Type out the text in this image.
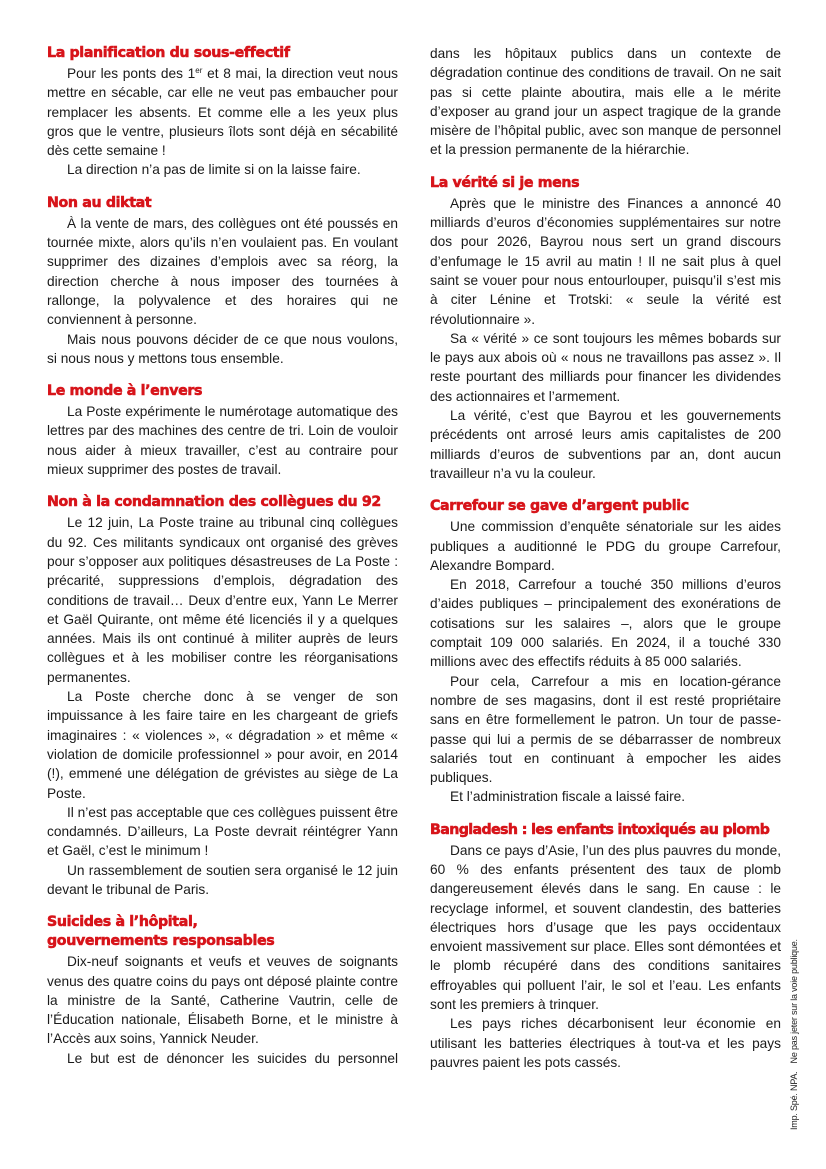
La planification du sous-effectif

Pour les ponts des 1er et 8 mai, la direction veut nous mettre en sécable, car elle ne veut pas embaucher pour remplacer les absents. Et comme elle a les yeux plus gros que le ventre, plusieurs îlots sont déjà en sécabilité dès cette semaine !

La direction n’a pas de limite si on la laisse faire.

Non au diktat

À la vente de mars, des collègues ont été poussés en tournée mixte, alors qu’ils n’en voulaient pas. En voulant supprimer des dizaines d’emplois avec sa réorg, la direction cherche à nous imposer des tournées à rallonge, la polyvalence et des horaires qui ne conviennent à personne.

Mais nous pouvons décider de ce que nous voulons, si nous nous y mettons tous ensemble.

Le monde à l’envers

La Poste expérimente le numérotage automatique des lettres par des machines des centre de tri. Loin de vouloir nous aider à mieux travailler, c’est au contraire pour mieux supprimer des postes de travail.

Non à la condamnation des collègues du 92

Le 12 juin, La Poste traine au tribunal cinq collègues du 92. Ces militants syndicaux ont organisé des grèves pour s’opposer aux politiques désastreuses de La Poste : précarité, suppressions d’emplois, dégradation des conditions de travail… Deux d’entre eux, Yann Le Merrer et Gaël Quirante, ont même été licenciés il y a quelques années. Mais ils ont continué à militer auprès de leurs collègues et à les mobiliser contre les réorganisations permanentes.

La Poste cherche donc à se venger de son impuissance à les faire taire en les chargeant de griefs imaginaires : « violences », « dégradation » et même « violation de domicile professionnel » pour avoir, en 2014 (!), emmené une délégation de grévistes au siège de La Poste.

Il n’est pas acceptable que ces collègues puissent être condamnés. D’ailleurs, La Poste devrait réintégrer Yann et Gaël, c’est le minimum !

Un rassemblement de soutien sera organisé le 12 juin devant le tribunal de Paris.

Suicides à l’hôpital,
gouvernements responsables

Dix-neuf soignants et veufs et veuves de soignants venus des quatre coins du pays ont déposé plainte contre la ministre de la Santé, Catherine Vautrin, celle de l’Éducation nationale, Élisabeth Borne, et le ministre à l’Accès aux soins, Yannick Neuder.

Le but est de dénoncer les suicides du personnel

dans les hôpitaux publics dans un contexte de dégradation continue des conditions de travail. On ne sait pas si cette plainte aboutira, mais elle a le mérite d’exposer au grand jour un aspect tragique de la grande misère de l’hôpital public, avec son manque de personnel et la pression permanente de la hiérarchie.

La vérité si je mens

Après que le ministre des Finances a annoncé 40 milliards d’euros d’économies supplémentaires sur notre dos pour 2026, Bayrou nous sert un grand discours d’enfumage le 15 avril au matin ! Il ne sait plus à quel saint se vouer pour nous entourlouper, puisqu’il s’est mis à citer Lénine et Trotski: « seule la vérité est révolutionnaire ».

Sa « vérité » ce sont toujours les mêmes bobards sur le pays aux abois où « nous ne travaillons pas assez ». Il reste pourtant des milliards pour financer les dividendes des actionnaires et l’armement.

La vérité, c’est que Bayrou et les gouvernements précédents ont arrosé leurs amis capitalistes de 200 milliards d’euros de subventions par an, dont aucun travailleur n’a vu la couleur.

Carrefour se gave d’argent public

Une commission d’enquête sénatoriale sur les aides publiques a auditionné le PDG du groupe Carrefour, Alexandre Bompard.

En 2018, Carrefour a touché 350 millions d’euros d’aides publiques – principalement des exonérations de cotisations sur les salaires –, alors que le groupe comptait 109 000 salariés. En 2024, il a touché 330 millions avec des effectifs réduits à 85 000 salariés.

Pour cela, Carrefour a mis en location-gérance nombre de ses magasins, dont il est resté propriétaire sans en être formellement le patron. Un tour de passe-passe qui lui a permis de se débarrasser de nombreux salariés tout en continuant à empocher les aides publiques.

Et l’administration fiscale a laissé faire.

Bangladesh : les enfants intoxiqués au plomb

Dans ce pays d’Asie, l’un des plus pauvres du monde, 60 % des enfants présentent des taux de plomb dangereusement élevés dans le sang. En cause : le recyclage informel, et souvent clandestin, des batteries électriques hors d’usage que les pays occidentaux envoient massivement sur place. Elles sont démontées et le plomb récupéré dans des conditions sanitaires effroyables qui polluent l’air, le sol et l’eau. Les enfants sont les premiers à trinquer.

Les pays riches décarbonisent leur économie en utilisant les batteries électriques à tout-va et les pays pauvres paient les pots cassés.

Imp. Spé. NPA.Ne pas jeter sur la voie publique.
